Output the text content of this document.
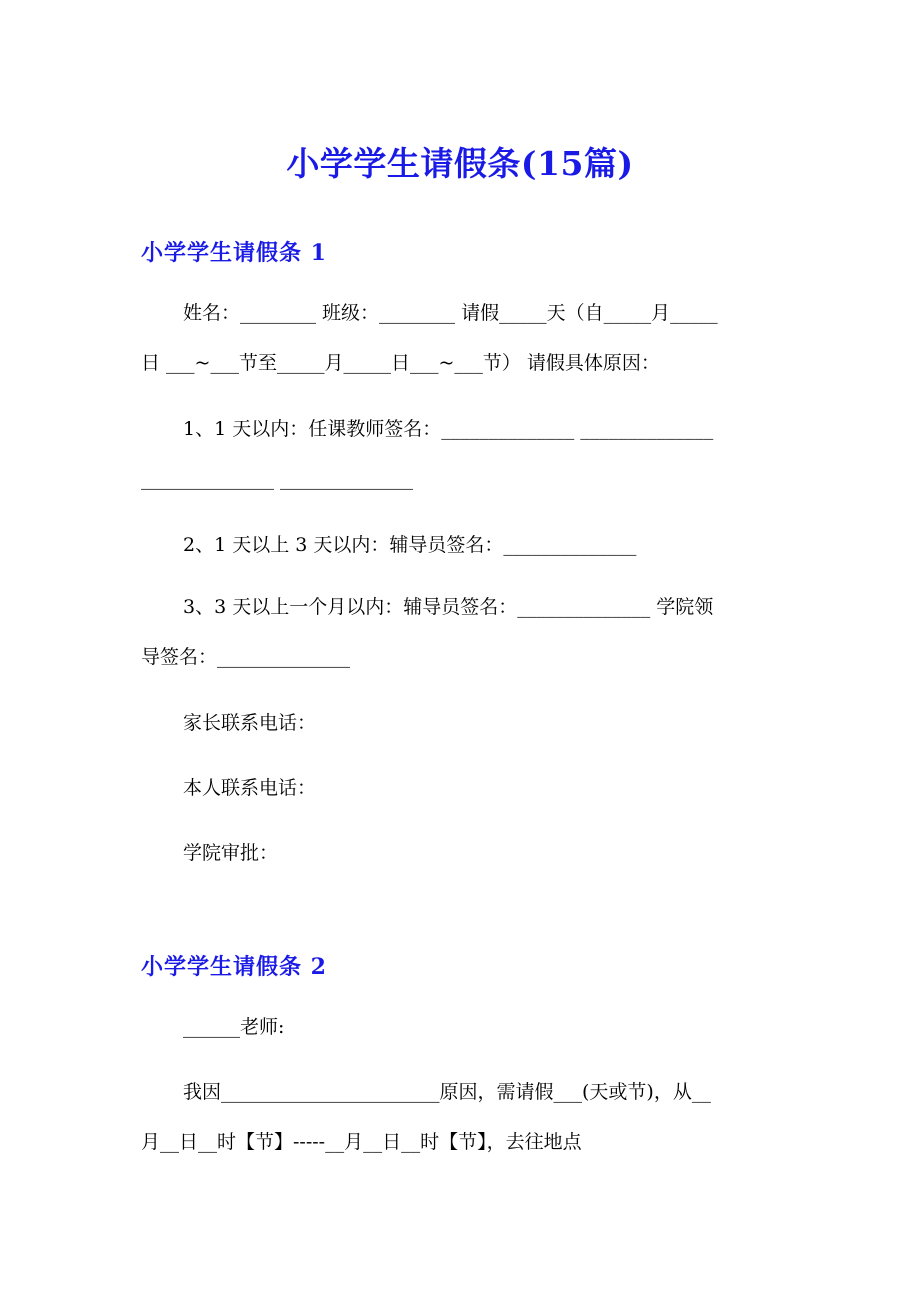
小学学生请假条(15篇)
小学学生请假条 1

姓名：________ 班级：________ 请假_____天（自_____月_____

日 ___~___节至_____月_____日___~___节） 请假具体原因：

1、1 天以内：任课教师签名：______________ ______________

______________ ______________

2、1 天以上 3 天以内：辅导员签名：______________

3、3 天以上一个月以内：辅导员签名：______________ 学院领

导签名：______________

家长联系电话：

本人联系电话：

学院审批：

小学学生请假条 2

______老师:

我因_______________________原因，需请假___(天或节)，从__

月__日__时【节】-----__月__日__时【节】，去往地点
